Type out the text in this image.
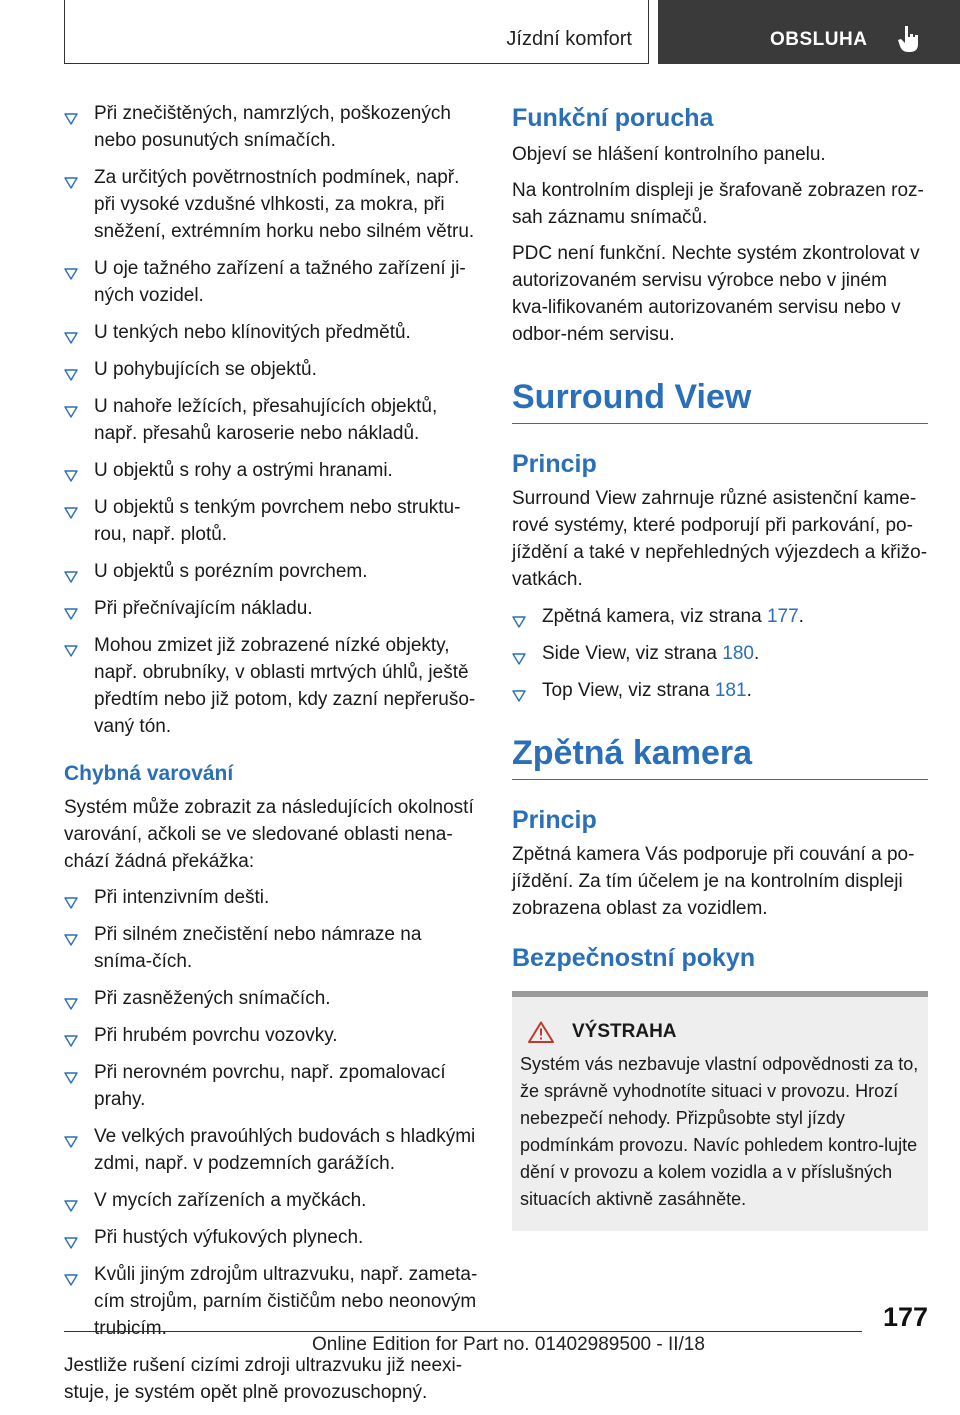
Jízdní komfort	OBSLUHA
Při znečištěných, namrzlých, poškozených nebo posunutých snímačích.
Za určitých povětrnostních podmínek, např. při vysoké vzdušné vlhkosti, za mokra, při sněžení, extrémním horku nebo silném větru.
U oje tažného zařízení a tažného zařízení ji-ných vozidel.
U tenkých nebo klínovitých předmětů.
U pohybujících se objektů.
U nahoře ležících, přesahujících objektů, např. přesahů karoserie nebo nákladů.
U objektů s rohy a ostrými hranami.
U objektů s tenkým povrchem nebo struktu-rou, např. plotů.
U objektů s porézním povrchem.
Při přečnívajícím nákladu.
Mohou zmizet již zobrazené nízké objekty, např. obrubníky, v oblasti mrtvých úhlů, ještě předtím nebo již potom, kdy zazní nepřerušo-vaný tón.
Chybná varování

Systém může zobrazit za následujících okolností varování, ačkoli se ve sledované oblasti nena-chází žádná překážka:

Při intenzivním dešti.
Při silném znečistění nebo námraze na sníma-čích.
Při zasněžených snímačích.
Při hrubém povrchu vozovky.
Při nerovném povrchu, např. zpomalovací prahy.
Ve velkých pravoúhlých budovách s hladkými zdmi, např. v podzemních garážích.
V mycích zařízeních a myčkách.
Při hustých výfukových plynech.
Kvůli jiným zdrojům ultrazvuku, např. zameta-cím strojům, parním čističům nebo neonovým trubicím.

Jestliže rušení cizími zdroji ultrazvuku již neexi-stuje, je systém opět plně provozuschopný.

Funkční porucha

Objeví se hlášení kontrolního panelu.

Na kontrolním displeji je šrafovaně zobrazen roz-sah záznamu snímačů.

PDC není funkční. Nechte systém zkontrolovat v autorizovaném servisu výrobce nebo v jiném kva-lifikovaném autorizovaném servisu nebo v odbor-ném servisu.

Surround View
Princip

Surround View zahrnuje různé asistenční kame-rové systémy, které podporují při parkování, po-jíždění a také v nepřehledných výjezdech a křižo-vatkách.

Zpětná kamera, viz strana 177.
Side View, viz strana 180.
Top View, viz strana 181.
Zpětná kamera
Princip

Zpětná kamera Vás podporuje při couvání a po-jíždění. Za tím účelem je na kontrolním displeji zobrazena oblast za vozidlem.

Bezpečnostní pokyn
VÝSTRAHA

Systém vás nezbavuje vlastní odpovědnosti za to, že správně vyhodnotíte situaci v provozu. Hrozí nebezpečí nehody. Přizpůsobte styl jízdy podmínkám provozu. Navíc pohledem kontro-lujte dění v provozu a kolem vozidla a v příslušných situacích aktivně zasáhněte.

177
Online Edition for Part no. 01402989500 - II/18
